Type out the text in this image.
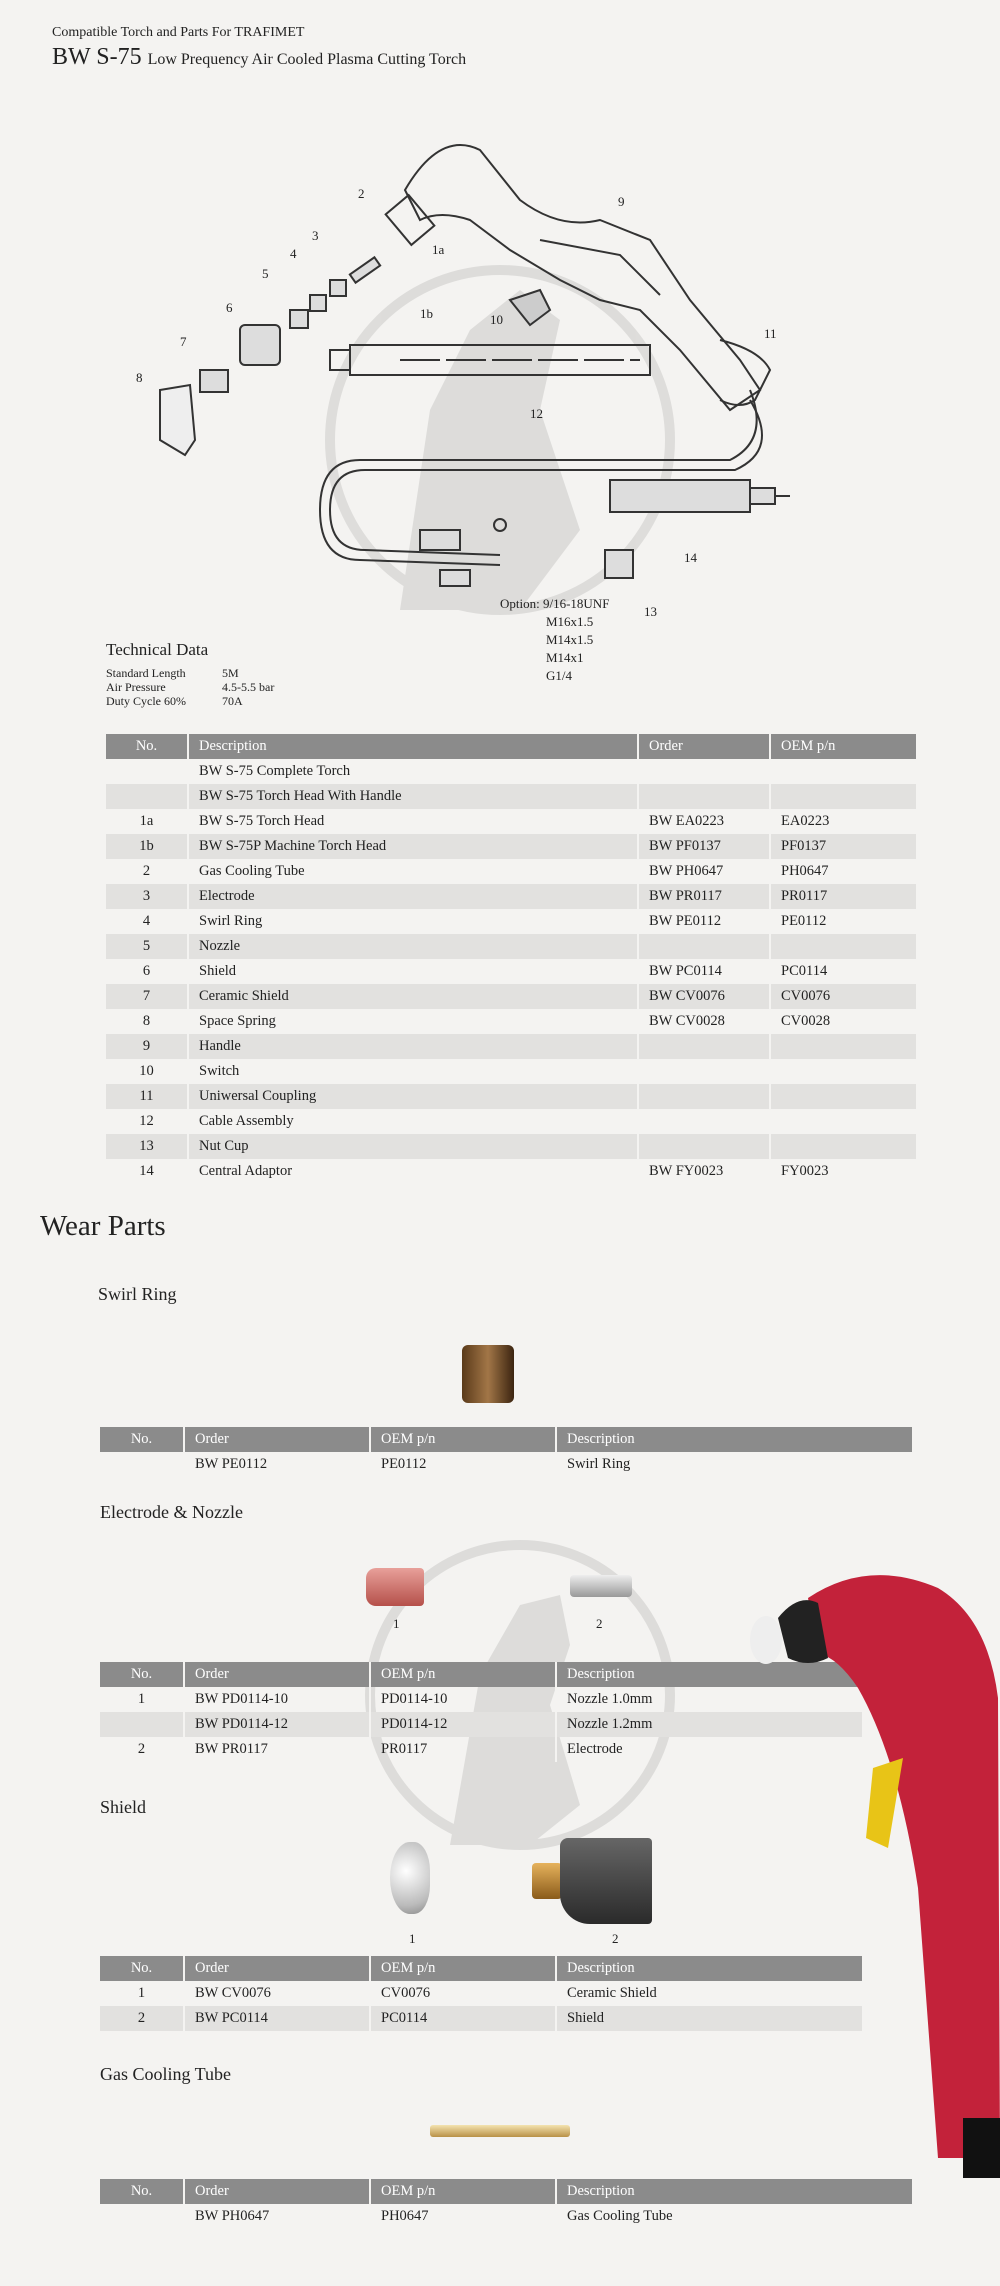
Compatible Torch and Parts For TRAFIMET
BW S-75 Low Prequency Air Cooled Plasma Cutting Torch
2
3
4
5
6
7
8
1a
1b
9
10
11
12
13
14
Option: 9/16-18UNF
M16x1.5
M14x1.5
M14x1
G1/4
Technical Data
Standard Length	5M
Air Pressure	4.5-5.5 bar
Duty Cycle 60%	70A
No.	Description	Order	OEM p/n
	BW S-75 Complete Torch		
	BW S-75 Torch Head With Handle		
1a	BW S-75 Torch Head	BW EA0223	EA0223
1b	BW S-75P Machine Torch Head	BW PF0137	PF0137
2	Gas Cooling Tube	BW PH0647	PH0647
3	Electrode	BW PR0117	PR0117
4	Swirl Ring	BW PE0112	PE0112
5	Nozzle		
6	Shield	BW PC0114	PC0114
7	Ceramic Shield	BW CV0076	CV0076
8	Space Spring	BW CV0028	CV0028
9	Handle		
10	Switch		
11	Uniwersal Coupling		
12	Cable Assembly		
13	Nut Cup		
14	Central Adaptor	BW FY0023	FY0023
Wear Parts
Swirl Ring
No.	Order	OEM p/n	Description
	BW PE0112	PE0112	Swirl Ring
Electrode & Nozzle
1	2
No.	Order	OEM p/n	Description
1	BW PD0114-10	PD0114-10	Nozzle 1.0mm
	BW PD0114-12	PD0114-12	Nozzle 1.2mm
2	BW PR0117	PR0117	Electrode
Shield
1	2
No.	Order	OEM p/n	Description
1	BW CV0076	CV0076	Ceramic Shield
2	BW PC0114	PC0114	Shield
Gas Cooling Tube
No.	Order	OEM p/n	Description
	BW PH0647	PH0647	Gas Cooling Tube
